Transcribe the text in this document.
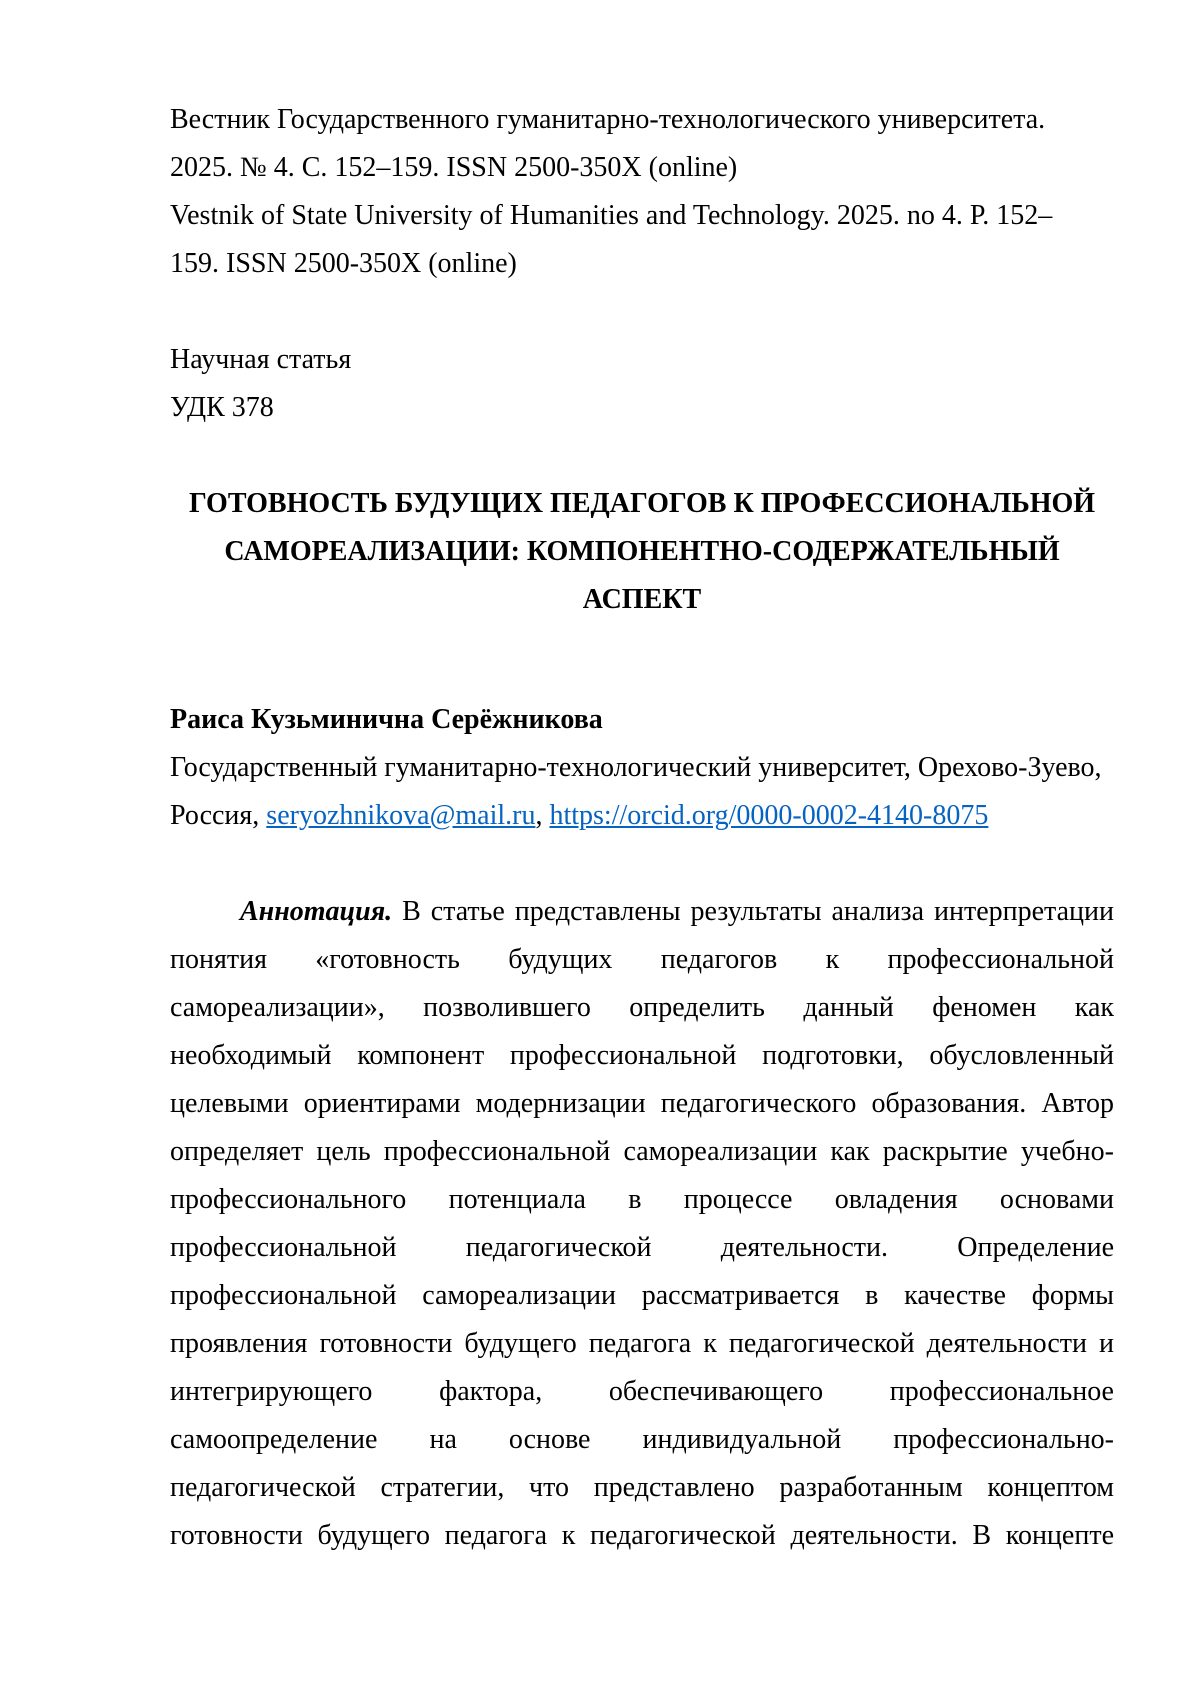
Вестник Государственного гуманитарно-технологического университета.
2025. № 4. С. 152–159. ISSN 2500-350X (online)
Vestnik of State University of Humanities and Technology. 2025. no 4. P. 152–
159. ISSN 2500-350X (online)
Научная статья
УДК 378
ГОТОВНОСТЬ БУДУЩИХ ПЕДАГОГОВ К ПРОФЕССИОНАЛЬНОЙ
САМОРЕАЛИЗАЦИИ: КОМПОНЕНТНО-СОДЕРЖАТЕЛЬНЫЙ
АСПЕКТ
Раиса Кузьминична Серёжникова
Государственный гуманитарно-технологический университет, Орехово-Зуево,
Россия, seryozhnikova@mail.ru, https://orcid.org/0000-0002-4140-8075
Аннотация. В статье представлены результаты анализа интерпретации
понятия «готовность будущих педагогов к профессиональной
самореализации», позволившего определить данный феномен как
необходимый компонент профессиональной подготовки, обусловленный
целевыми ориентирами модернизации педагогического образования. Автор
определяет цель профессиональной самореализации как раскрытие учебно-
профессионального потенциала в процессе овладения основами
профессиональной педагогической деятельности. Определение
профессиональной самореализации рассматривается в качестве формы
проявления готовности будущего педагога к педагогической деятельности и
интегрирующего фактора, обеспечивающего профессиональное
самоопределение на основе индивидуальной профессионально-
педагогической стратегии, что представлено разработанным концептом
готовности будущего педагога к педагогической деятельности. В концепте
